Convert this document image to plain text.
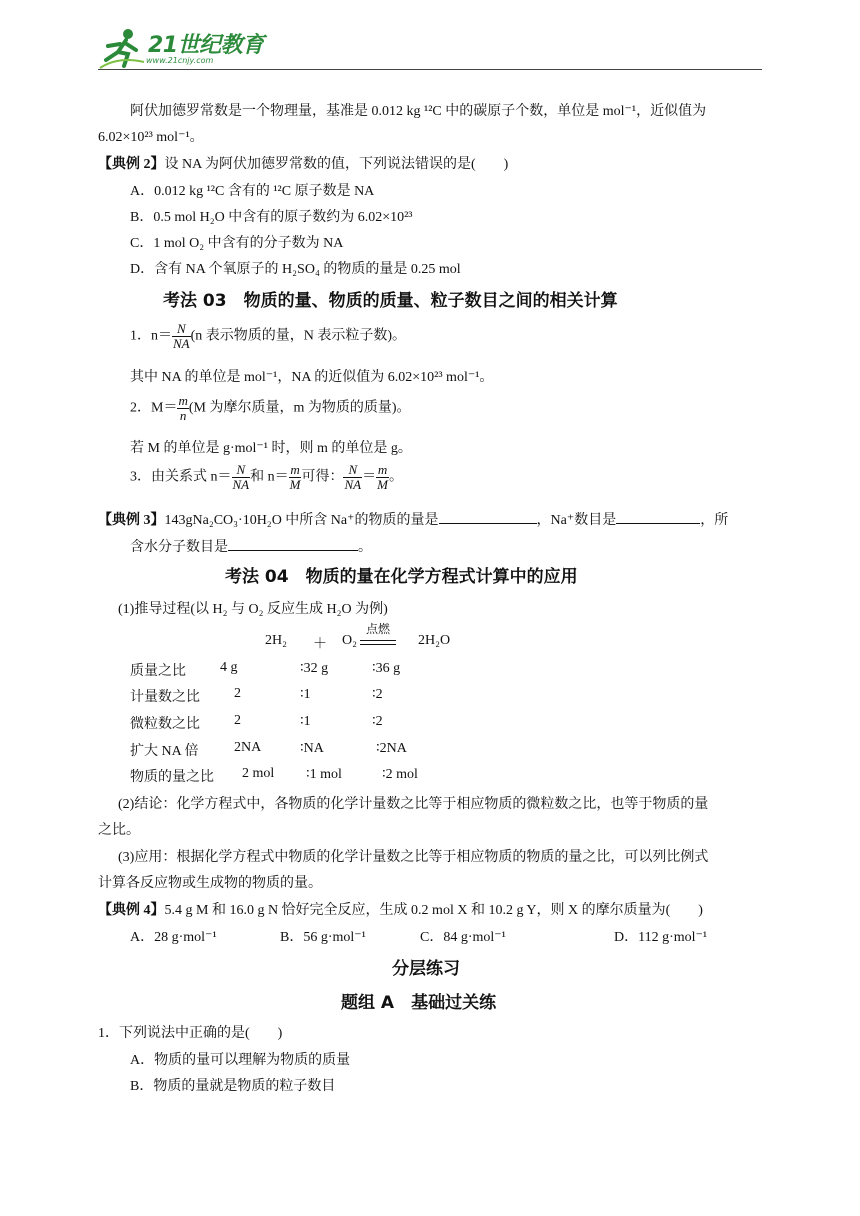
21世纪教育
www.21cnjy.com
阿伏加德罗常数是一个物理量，基准是 0.012 kg ¹²C 中的碳原子个数，单位是 mol⁻¹，近似值为
6.02×10²³ mol⁻¹。
【典例 2】设 NA 为阿伏加德罗常数的值，下列说法错误的是(　　)
A．0.012 kg ¹²C 含有的 ¹²C 原子数是 NA
B．0.5 mol H₂O 中含有的原子数约为 6.02×10²³
C．1 mol O₂ 中含有的分子数为 NA
D．含有 NA 个氧原子的 H₂SO₄ 的物质的量是 0.25 mol
考法 03　物质的量、物质的质量、粒子数目之间的相关计算
1．$n= \frac{N}{NA} (n$ 表示物质的量，N 表示粒子数)。
其中 NA 的单位是 mol⁻¹，NA 的近似值为 6.02×10²³ mol⁻¹。
2．$M= \frac{m}{n} (M$ 为摩尔质量，m 为物质的质量)。
若 M 的单位是 g·mol⁻¹ 时，则 m 的单位是 g。
3．由关系式 $n= \frac{N}{NA}$ 和 $n= \frac{m}{M}$ 可得： $\frac{N}{NA} = \frac{m}{M}$ 。
【典例 3】143gNa₂CO₃·10H₂O 中所含 Na⁺的物质的量是	，Na⁺数目是	，所
含水分子数目是	。
考法 04　物质的量在化学方程式计算中的应用
(1)推导过程(以 H₂ 与 O₂ 反应生成 H₂O 为例)
2H₂ ＋ O₂
点燃
2H₂O
质量之比 4 g	∶32 g	∶36 g
计量数之比 2	∶1	∶2
微粒数之比 2	∶1	∶2
扩大 NA 倍	2NA	∶NA	∶2NA
物质的量之比 2 mol ∶1 mol	∶2 mol
(2)结论：化学方程式中，各物质的化学计量数之比等于相应物质的微粒数之比，也等于物质的量
之比。
(3)应用：根据化学方程式中物质的化学计量数之比等于相应物质的物质的量之比，可以列比例式
计算各反应物或生成物的物质的量。
【典例 4】5.4 g M 和 16.0 g N 恰好完全反应，生成 0.2 mol X 和 10.2 g Y，则 X 的摩尔质量为(　　)
A．28 g·mol⁻¹	B．56 g·mol⁻¹	C．84 g·mol⁻¹	D．112 g·mol⁻¹
分层练习
题组 A　基础过关练
1．下列说法中正确的是(　　)
A．物质的量可以理解为物质的质量
B．物质的量就是物质的粒子数目
